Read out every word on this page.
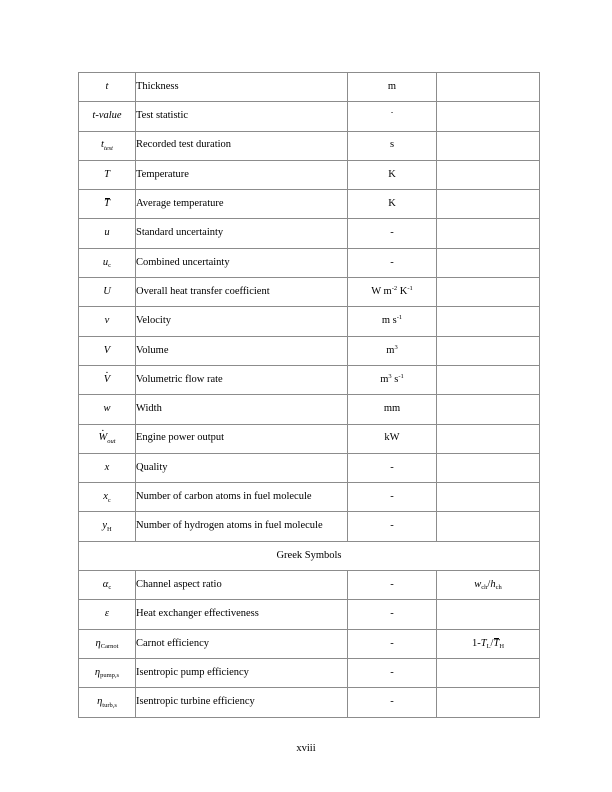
t	Thickness	m	
t-value	Test statistic	-	
$t_{test}$	Recorded test duration	s	
T	Temperature	K	
T	Average temperature	K	
u	Standard uncertainty	-	
$u_c$	Combined uncertainty	-	
U	Overall heat transfer coefficient	W $m^{-2}$ $K^{-1}$	
v	Velocity	m $s^{-1}$	
V	Volume	$m^3$	
· V	Volumetric flow rate	$m^3$ $s^{-1}$	
w	Width	mm	
· $W_{out}$	Engine power output	kW	
x	Quality	-	
$x_c$	Number of carbon atoms in fuel molecule	-	
$y_H$	Number of hydrogen atoms in fuel molecule	-	
Greek Symbols			
$\alpha_c$	Channel aspect ratio	-	$w_{ch}/h_{ch}$
ε	Heat exchanger effectiveness	-	
$\eta_{Carnot}$	Carnot efficiency	-	$1-T_L/T_H$
$\eta_{pump,s}$	Isentropic pump efficiency	-	
$\eta_{turb,s}$	Isentropic turbine efficiency	-	
xviii
